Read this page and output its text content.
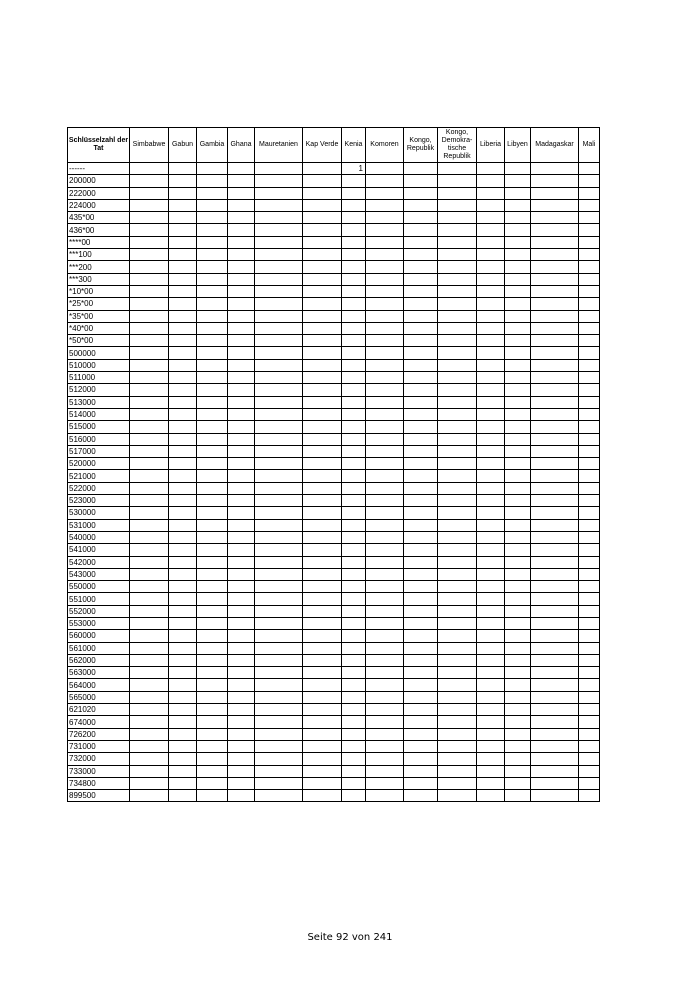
Schlüsselzahl der Tat	Simbabwe	Gabun	Gambia	Ghana	Mauretanien	Kap Verde	Kenia	Komoren	Kongo, Republik	Kongo, Demokra-tische Republik	Liberia	Libyen	Madagaskar	Mali
------							1							
200000														
222000														
224000														
435*00														
436*00														
****00														
***100														
***200														
***300														
*10*00														
*25*00														
*35*00														
*40*00														
*50*00														
500000														
510000														
511000														
512000														
513000														
514000														
515000														
516000														
517000														
520000														
521000														
522000														
523000														
530000														
531000														
540000														
541000														
542000														
543000														
550000														
551000														
552000														
553000														
560000														
561000														
562000														
563000														
564000														
565000														
621020														
674000														
726200														
731000														
732000														
733000														
734800														
899500														
Seite 92 von 241
